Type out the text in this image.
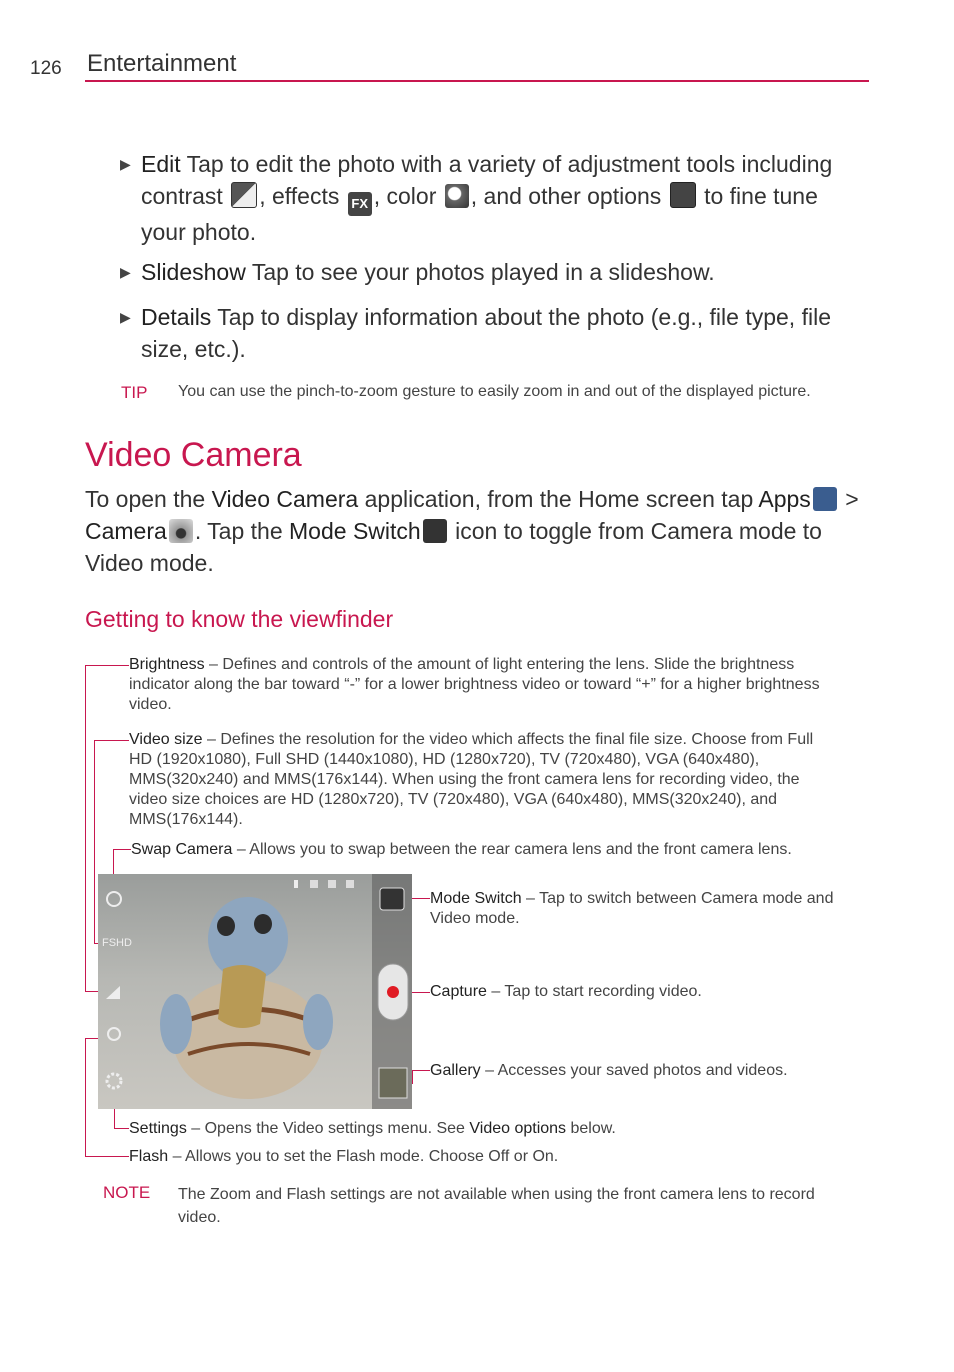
126 Entertainment
▶ Edit Tap to edit the photo with a variety of adjustment tools including contrast , effects FX , color , and other options  to fine tune your photo.
▶ Slideshow Tap to see your photos played in a slideshow.
▶ Details Tap to display information about the photo (e.g., file type, file size, etc.).
TIP You can use the pinch-to-zoom gesture to easily zoom in and out of the displayed picture.
Video Camera
To open the Video Camera application, from the Home screen tap Apps > Camera . Tap the Mode Switch icon to toggle from Camera mode to Video mode.
Getting to know the viewfinder
Brightness – Defines and controls of the amount of light entering the lens. Slide the brightness indicator along the bar toward “-” for a lower brightness video or toward “+” for a higher brightness video.
Video size – Defines the resolution for the video which affects the final file size. Choose from Full HD (1920x1080), Full SHD (1440x1080), HD (1280x720), TV (720x480), VGA (640x480), MMS(320x240) and MMS(176x144). When using the front camera lens for recording video, the video size choices are HD (1280x720), TV (720x480), VGA (640x480), MMS(320x240), and MMS(176x144).
Swap Camera – Allows you to swap between the rear camera lens and the front camera lens.
Mode Switch – Tap to switch between Camera mode and Video mode.
Capture – Tap to start recording video.
Gallery – Accesses your saved photos and videos.
Settings – Opens the Video settings menu. See Video options below.
Flash – Allows you to set the Flash mode. Choose Off or On.
FSHD
NOTE The Zoom and Flash settings are not available when using the front camera lens to record video.
